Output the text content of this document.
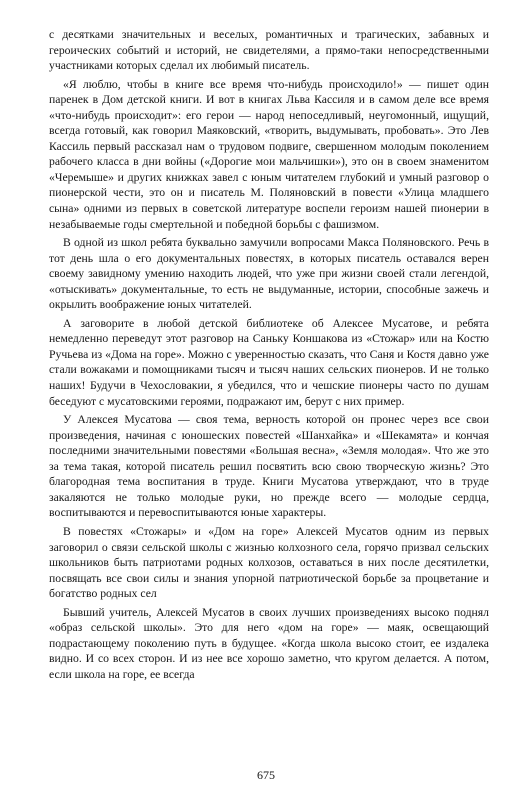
с десятками значительных и веселых, романтичных и трагических, забавных и героических событий и историй, не свидетелями, а прямо-таки непосредственными участниками которых сделал их любимый писатель.

«Я люблю, чтобы в книге все время что-нибудь происходило!» — пишет один паренек в Дом детской книги. И вот в книгах Льва Кассиля и в самом деле все время «что-нибудь происходит»: его герои — народ непоседливый, неугомонный, ищущий, всегда готовый, как говорил Маяковский, «творить, выдумывать, пробовать». Это Лев Кассиль первый рассказал нам о трудовом подвиге, свершенном молодым поколением рабочего класса в дни войны («Дорогие мои мальчишки»), это он в своем знаменитом «Черемыше» и других книжках завел с юным читателем глубокий и умный разговор о пионерской чести, это он и писатель М. Поляновский в повести «Улица младшего сына» одними из первых в советской литературе воспели героизм нашей пионерии в незабываемые годы смертельной и победной борьбы с фашизмом.

В одной из школ ребята буквально замучили вопросами Макса Поляновского. Речь в тот день шла о его документальных повестях, в которых писатель оставался верен своему завидному умению находить людей, что уже при жизни своей стали легендой, «отыскивать» документальные, то есть не выдуманные, истории, способные зажечь и окрылить воображение юных читателей.

А заговорите в любой детской библиотеке об Алексее Мусатове, и ребята немедленно переведут этот разговор на Саньку Коншакова из «Стожар» или на Костю Ручьева из «Дома на горе». Можно с уверенностью сказать, что Саня и Костя давно уже стали вожаками и помощниками тысяч и тысяч наших сельских пионеров. И не только наших! Будучи в Чехословакии, я убедился, что и чешские пионеры часто по душам беседуют с мусатовскими героями, подражают им, берут с них пример.

У Алексея Мусатова — своя тема, верность которой он пронес через все свои произведения, начиная с юношеских повестей «Шанхайка» и «Шекамята» и кончая последними значительными повестями «Большая весна», «Земля молодая». Что же это за тема такая, которой писатель решил посвятить всю свою творческую жизнь? Это благородная тема воспитания в труде. Книги Мусатова утверждают, что в труде закаляются не только молодые руки, но прежде всего — молодые сердца, воспитываются и перевоспитываются юные характеры.

В повестях «Стожары» и «Дом на горе» Алексей Мусатов одним из первых заговорил о связи сельской школы с жизнью колхозного села, горячо призвал сельских школьников быть патриотами родных колхозов, оставаться в них после десятилетки, посвящать все свои силы и знания упорной патриотической борьбе за процветание и богатство родных сел

Бывший учитель, Алексей Мусатов в своих лучших произведениях высоко поднял «образ сельской школы». Это для него «дом на горе» — маяк, освещающий подрастающему поколению путь в будущее. «Когда школа высоко стоит, ее издалека видно. И со всех сторон. И из нее все хорошо заметно, что кругом делается. А потом, если школа на горе, ее всегда

675
